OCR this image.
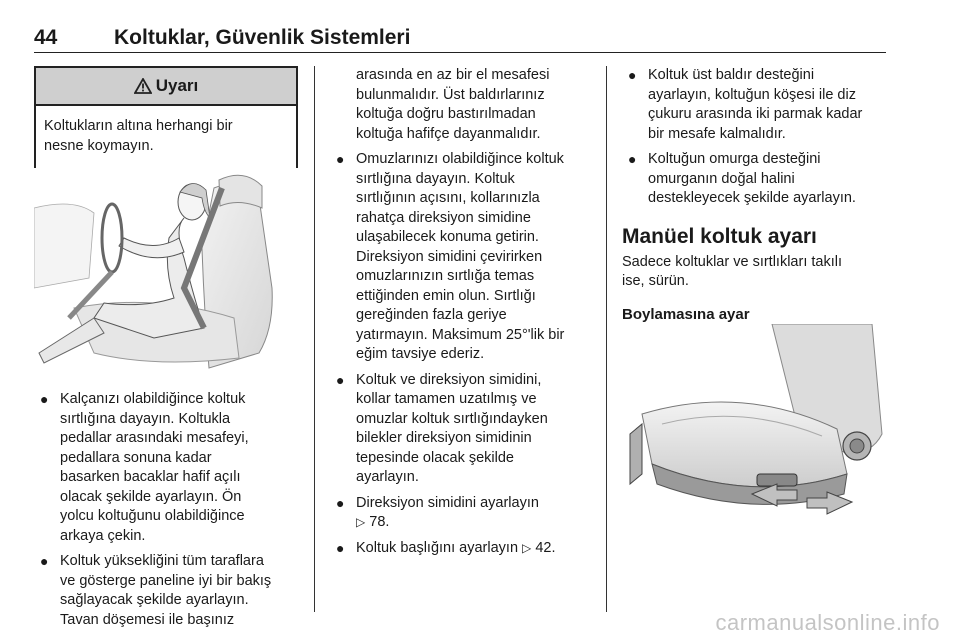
44	Koltuklar, Güvenlik Sistemleri
Uyarı
Koltukların altına herhangi bir
nesne koymayın.
● Kalçanızı olabildiğince koltuk
sırtlığına dayayın. Koltukla
pedallar arasındaki mesafeyi,
pedallara sonuna kadar
basarken bacaklar hafif açılı
olacak şekilde ayarlayın. Ön
yolcu koltuğunu olabildiğince
arkaya çekin.
● Koltuk yüksekliğini tüm taraflara
ve gösterge paneline iyi bir bakış
sağlayacak şekilde ayarlayın.
Tavan döşemesi ile başınız

arasında en az bir el mesafesi

bulunmalıdır. Üst baldırlarınız

koltuğa doğru bastırılmadan

koltuğa hafifçe dayanmalıdır.

● Omuzlarınızı olabildiğince koltuk
sırtlığına dayayın. Koltuk
sırtlığının açısını, kollarınızla
rahatça direksiyon simidine
ulaşabilecek konuma getirin.
Direksiyon simidini çevirirken
omuzlarınızın sırtlığa temas
ettiğinden emin olun. Sırtlığı
gereğinden fazla geriye
yatırmayın. Maksimum 25°'lik bir
eğim tavsiye ederiz.
● Koltuk ve direksiyon simidini,
kollar tamamen uzatılmış ve
omuzlar koltuk sırtlığındayken
bilekler direksiyon simidinin
tepesinde olacak şekilde
ayarlayın.
● Direksiyon simidini ayarlayın
▷ 78.
● Koltuk başlığını ayarlayın ▷ 42.
● Koltuk üst baldır desteğini
ayarlayın, koltuğun köşesi ile diz
çukuru arasında iki parmak kadar
bir mesafe kalmalıdır.
● Koltuğun omurga desteğini
omurganın doğal halini
destekleyecek şekilde ayarlayın.
Manüel koltuk ayarı

Sadece koltuklar ve sırtlıkları takılı

ise, sürün.

Boylamasına ayar
carmanualsonline.info
